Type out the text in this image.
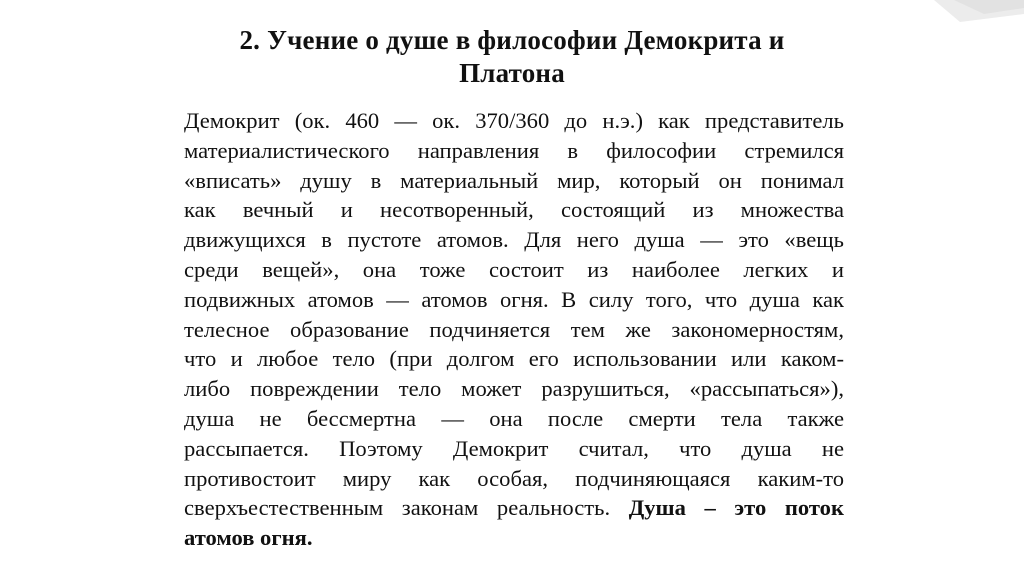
2. Учение о душе в философии Демокрита и
Платона
Демокрит (ок. 460 — ок. 370/360 до н.э.) как представитель
материалистического направления в философии стремился
«вписать» душу в материальный мир, который он понимал
как вечный и несотворенный, состоящий из множества
движущихся в пустоте атомов. Для него душа — это «вещь
среди вещей», она тоже состоит из наиболее легких и
подвижных атомов — атомов огня. В силу того, что душа как
телесное образование подчиняется тем же закономерностям,
что и любое тело (при долгом его использовании или каком-
либо повреждении тело может разрушиться, «рассыпаться»),
душа не бессмертна — она после смерти тела также
рассыпается. Поэтому Демокрит считал, что душа не
противостоит миру как особая, подчиняющаяся каким-то
сверхъестественным законам реальность. Душа – это поток
атомов огня.
